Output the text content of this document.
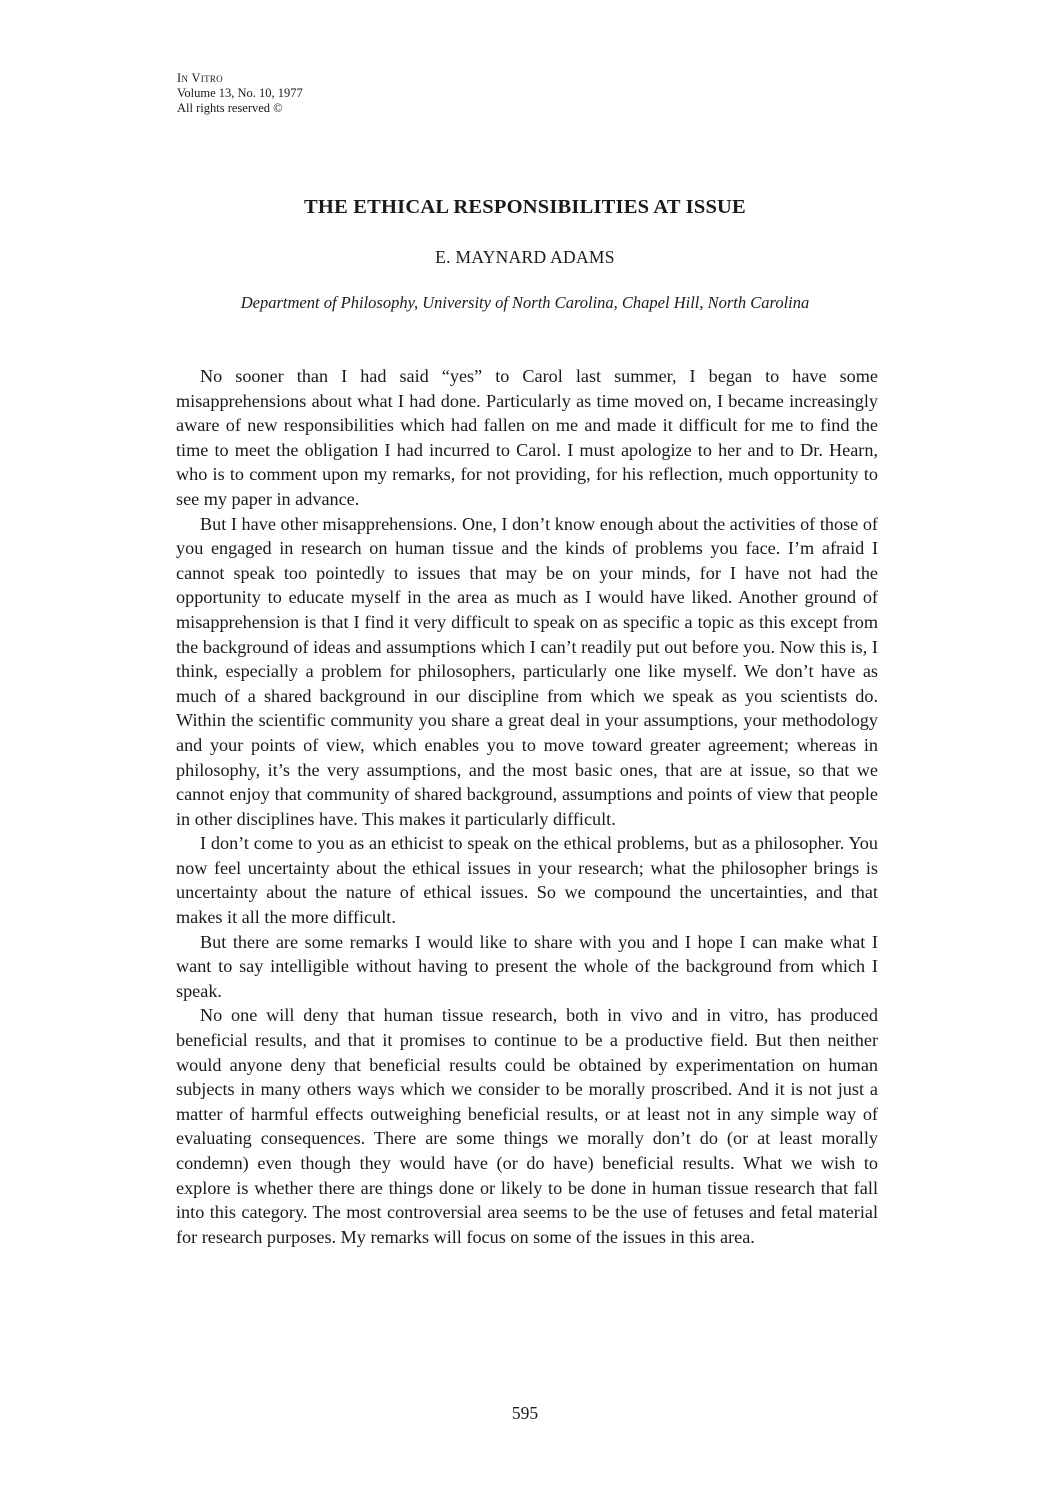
In Vitro
Volume 13, No. 10, 1977
All rights reserved ©
THE ETHICAL RESPONSIBILITIES AT ISSUE
E. MAYNARD ADAMS
Department of Philosophy, University of North Carolina, Chapel Hill, North Carolina

No sooner than I had said “yes” to Carol last summer, I began to have some misapprehensions about what I had done. Particularly as time moved on, I became increasingly aware of new responsibilities which had fallen on me and made it difficult for me to find the time to meet the obligation I had incurred to Carol. I must apologize to her and to Dr. Hearn, who is to comment upon my remarks, for not providing, for his reflection, much opportunity to see my paper in advance.

But I have other misapprehensions. One, I don’t know enough about the activities of those of you engaged in research on human tissue and the kinds of problems you face. I’m afraid I cannot speak too pointedly to issues that may be on your minds, for I have not had the opportunity to educate myself in the area as much as I would have liked. Another ground of misapprehension is that I find it very difficult to speak on as specific a topic as this except from the background of ideas and assumptions which I can’t readily put out before you. Now this is, I think, especially a problem for philosophers, particularly one like myself. We don’t have as much of a shared background in our discipline from which we speak as you scientists do. Within the scientific community you share a great deal in your assumptions, your methodology and your points of view, which enables you to move toward greater agreement; whereas in philosophy, it’s the very assumptions, and the most basic ones, that are at issue, so that we cannot enjoy that community of shared background, assumptions and points of view that people in other disciplines have. This makes it particularly difficult.

I don’t come to you as an ethicist to speak on the ethical problems, but as a philosopher. You now feel uncertainty about the ethical issues in your research; what the philosopher brings is uncertainty about the nature of ethical issues. So we compound the uncertainties, and that makes it all the more difficult.

But there are some remarks I would like to share with you and I hope I can make what I want to say intelligible without having to present the whole of the background from which I speak.

No one will deny that human tissue research, both in vivo and in vitro, has produced beneficial results, and that it promises to continue to be a productive field. But then neither would anyone deny that beneficial results could be obtained by experimentation on human subjects in many others ways which we consider to be morally proscribed. And it is not just a matter of harmful effects outweighing beneficial results, or at least not in any simple way of evaluating consequences. There are some things we morally don’t do (or at least morally condemn) even though they would have (or do have) beneficial results. What we wish to explore is whether there are things done or likely to be done in human tissue research that fall into this category. The most controversial area seems to be the use of fetuses and fetal material for research purposes. My remarks will focus on some of the issues in this area.

595
